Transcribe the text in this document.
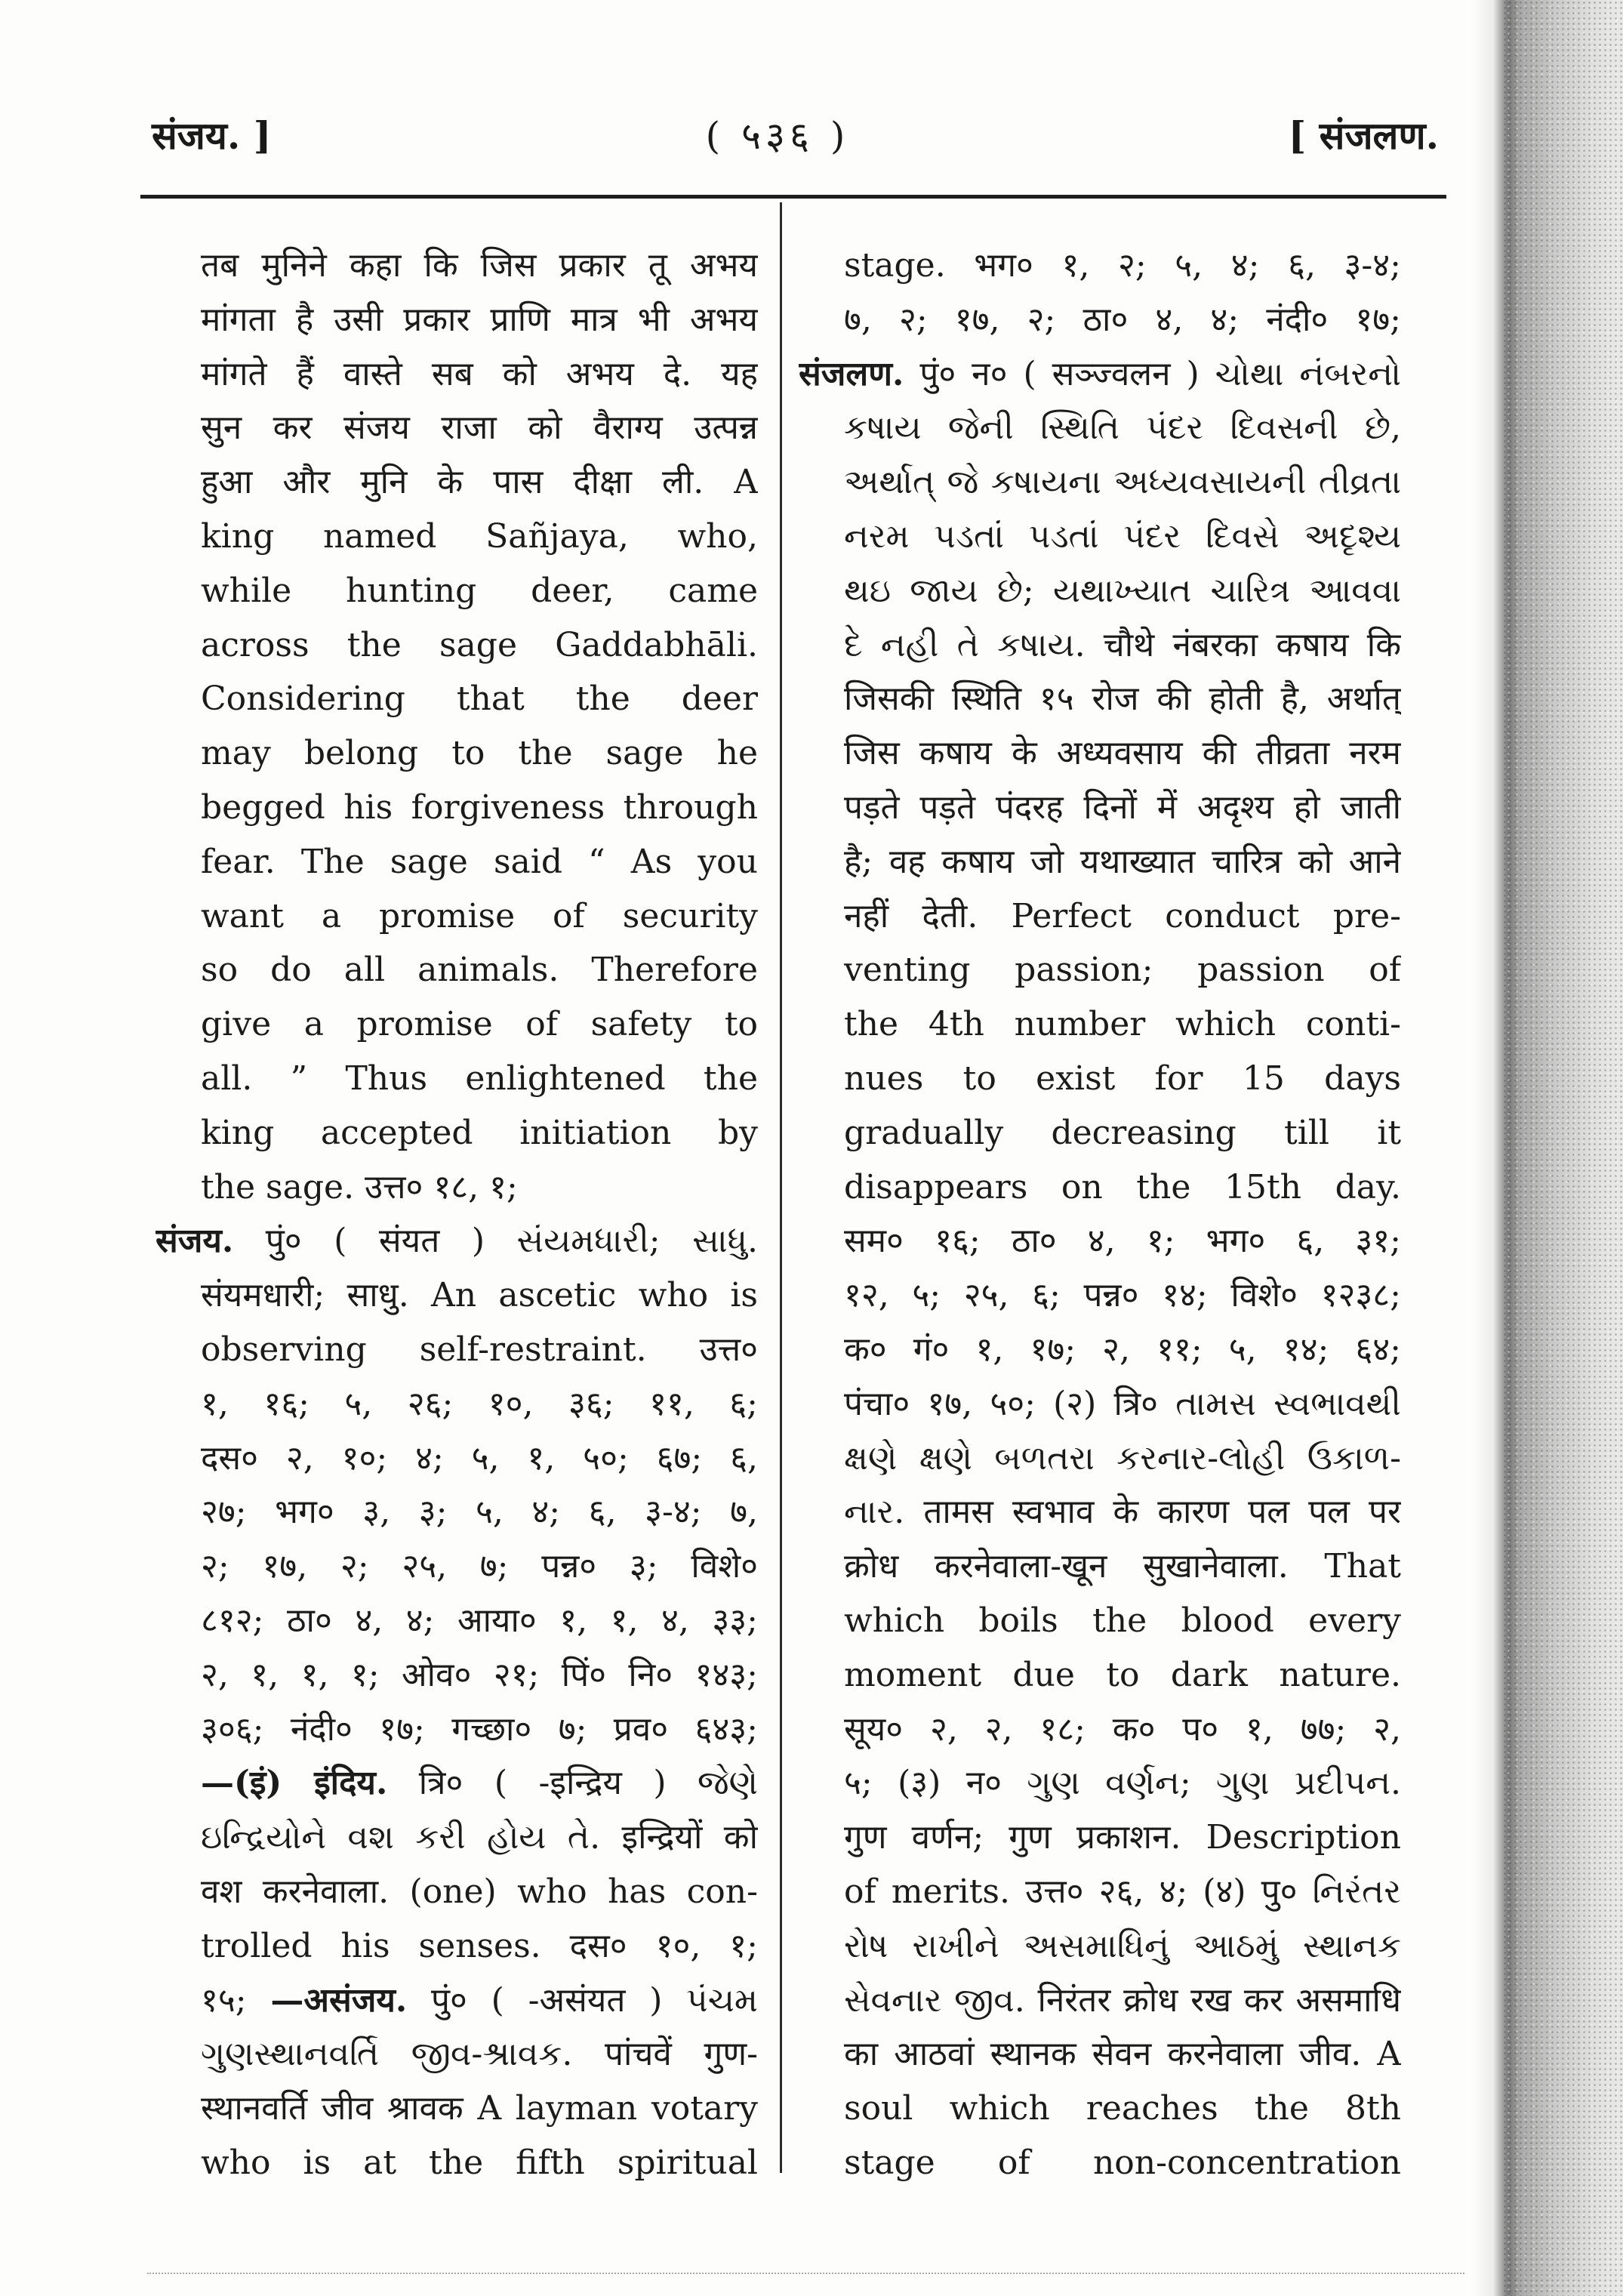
संजय. ]	( ५३६ )	[ संजलण.
तब मुनिने कहा कि जिस प्रकार तू अभय
मांगता है उसी प्रकार प्राणि मात्र भी अभय
मांगते हैं वास्ते सब को अभय दे. यह
सुन कर संजय राजा को वैराग्य उत्पन्न
हुआ और मुनि के पास दीक्षा ली. A
king named Sañjaya, who,
while hunting deer, came
across the sage Gaddabhāli.
Considering that the deer
may belong to the sage he
begged his forgiveness through
fear. The sage said “ As you
want a promise of security
so do all animals. Therefore
give a promise of safety to
all. ” Thus enlightened the
king accepted initiation by
the sage. उत्त० १८, १;
संजय. पुं० ( संयत ) સંયમધારી; સાધુ.
संयमधारी; साधु. An ascetic who is
observing self-restraint. उत्त०
१, १६; ५, २६; १०, ३६; ११, ६;
दस० २, १०; ४; ५, १, ५०; ६७; ६,
२७; भग० ३, ३; ५, ४; ६, ३-४; ७,
२; १७, २; २५, ७; पन्न० ३; विशे०
८१२; ठा० ४, ४; आया० १, १, ४, ३३;
२, १, १, १; ओव० २१; पिं० नि० १४३;
३०६; नंदी० १७; गच्छा० ७; प्रव० ६४३;
—(इं) इंदिय. त्रि० ( -इन्द्रिय ) જેણે
ઇન્દ્રિયોને વશ કરી હોય તે. इन्द्रियों को
वश करनेवाला. (one) who has con-
trolled his senses. दस० १०, १;
१५; —असंजय. पुं० ( -असंयत ) પંચમ
ગુણસ્થાનવર્તિ જીવ-શ્રાવક. पांचवें गुण-
स्थानवर्ति जीव श्रावक A layman votary
who is at the fifth spiritual
stage. भग० १, २; ५, ४; ६, ३-४;
७, २; १७, २; ठा० ४, ४; नंदी० १७;
संजलण. पुं० न० ( सञ्ज्वलन ) ચોથા નંબરનો
કષાય જેની સ્થિતિ પંદર દિવસની છે,
અર્થાત્ જે કષાયના અધ્યવસાયની તીવ્રતા
નરમ પડતાં પડતાં પંદર દિવસે અદૃશ્ય
થઇ જાય છે; યથાખ્યાત ચારિત્ર આવવા
દે નહી તે કષાય. चौथे नंबरका कषाय कि
जिसकी स्थिति १५ रोज की होती है, अर्थात्
जिस कषाय के अध्यवसाय की तीव्रता नरम
पड़ते पड़ते पंदरह दिनों में अदृश्य हो जाती
है; वह कषाय जो यथाख्यात चारित्र को आने
नहीं देती. Perfect conduct pre-
venting passion; passion of
the 4th number which conti-
nues to exist for 15 days
gradually decreasing till it
disappears on the 15th day.
सम० १६; ठा० ४, १; भग० ६, ३१;
१२, ५; २५, ६; पन्न० १४; विशे० १२३८;
क० गं० १, १७; २, ११; ५, १४; ६४;
पंचा० १७, ५०; (२) त्रि० તામસ સ્વભાવથી
ક્ષણે ક્ષણે બળતરા કરનાર-લોહી ઉકાળ-
નાર. तामस स्वभाव के कारण पल पल पर
क्रोध करनेवाला-खून सुखानेवाला. That
which boils the blood every
moment due to dark nature.
सूय० २, २, १८; क० प० १, ७७; २,
५; (३) न० ગુણ વર્ણન; ગુણ પ્રદીપન.
गुण वर्णन; गुण प्रकाशन. Description
of merits. उत्त० २६, ४; (४) पु० નિરંતર
રોષ રાખીને અસમાધિનું આઠમું સ્થાનક
સેવનાર જીવ. निरंतर क्रोध रख कर असमाधि
का आठवां स्थानक सेवन करनेवाला जीव. A
soul which reaches the 8th
stage of non-concentration
